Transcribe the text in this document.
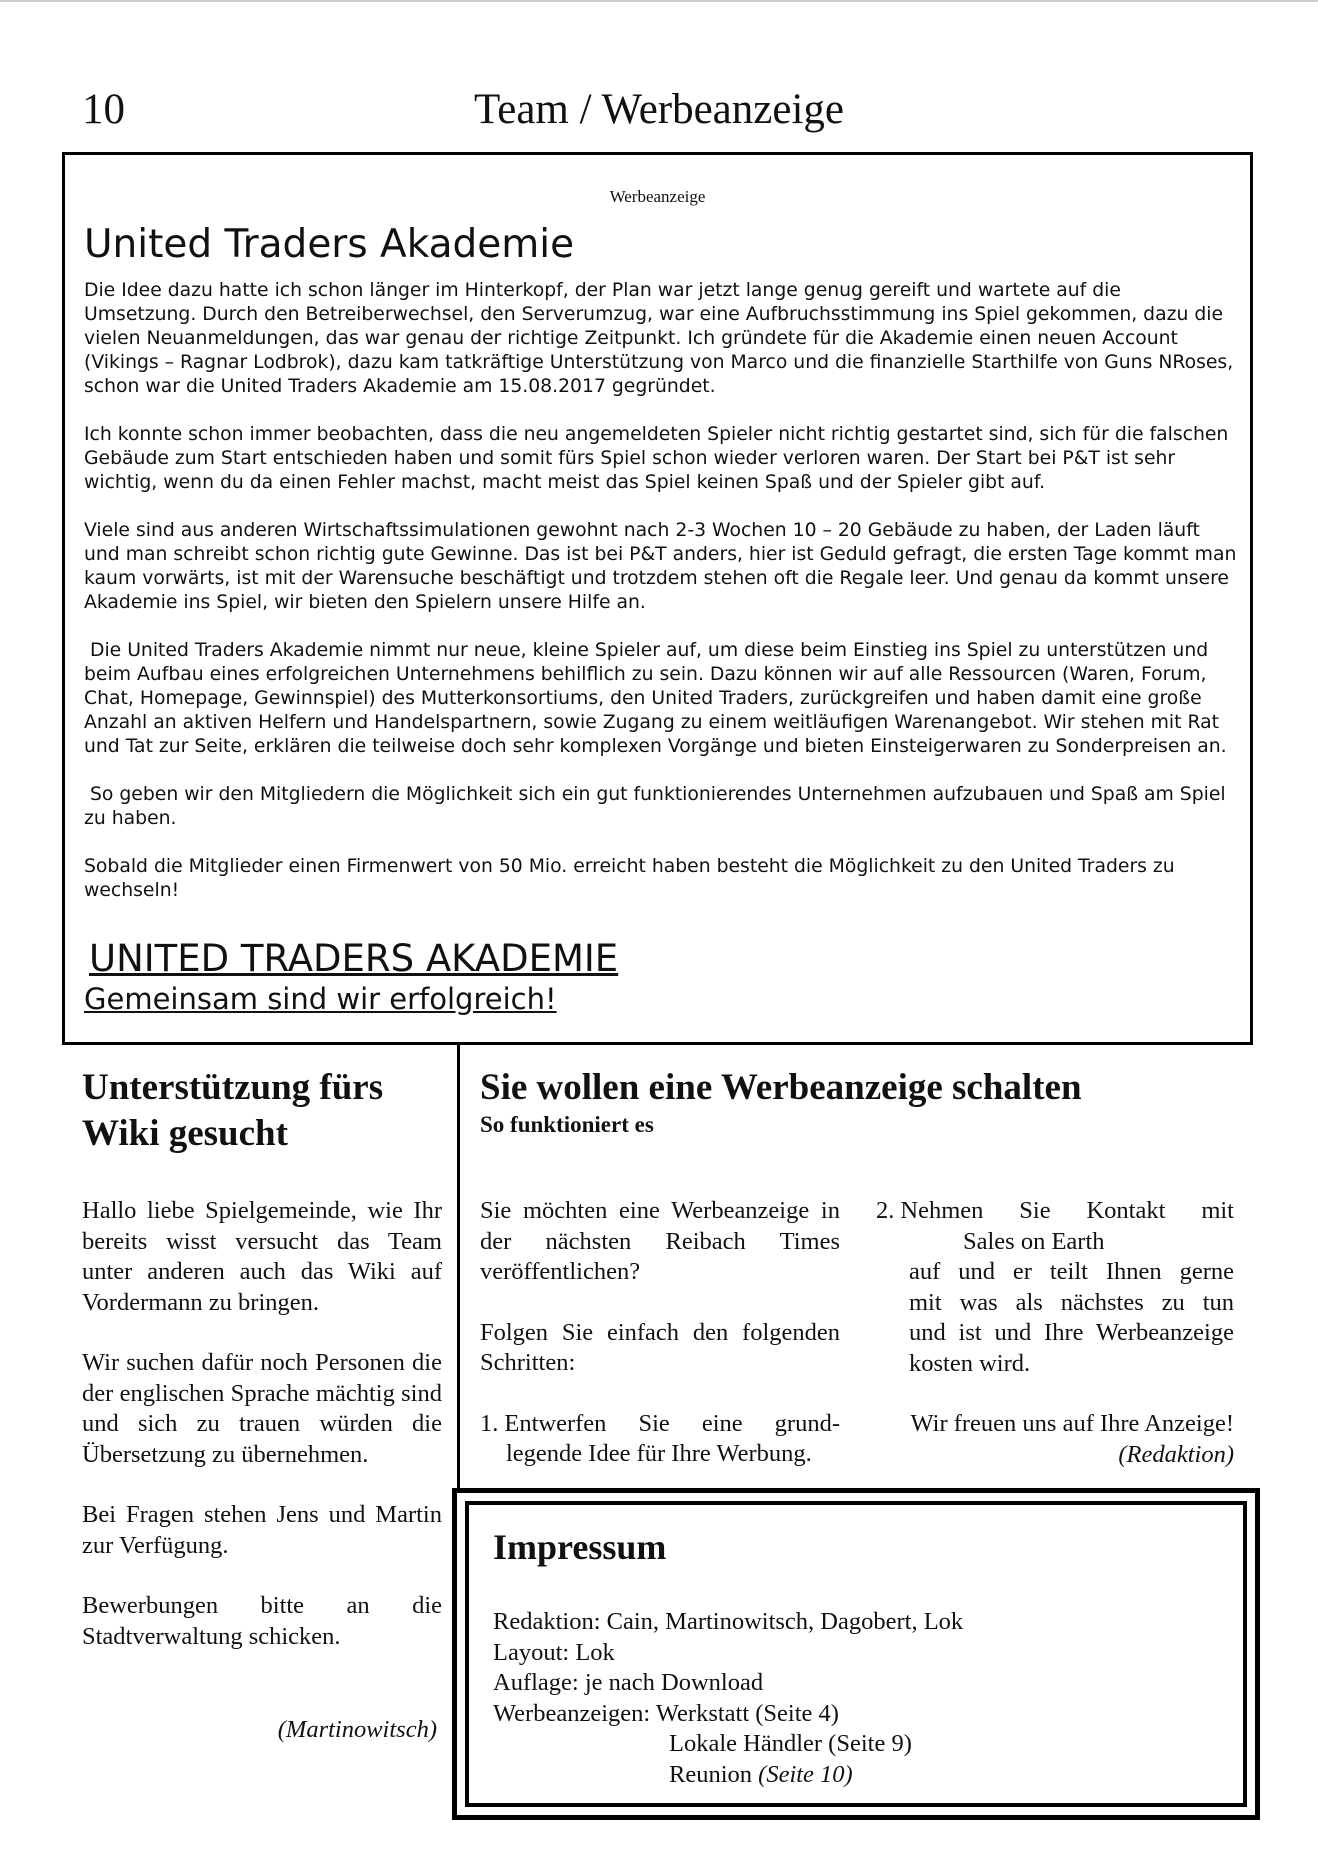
10	Team / Werbeanzeige
Werbeanzeige
United Traders Akademie

Die Idee dazu hatte ich schon länger im Hinterkopf, der Plan war jetzt lange genug gereift und wartete auf die Umsetzung. Durch den Betreiberwechsel, den Serverumzug, war eine Aufbruchsstimmung ins Spiel gekommen, dazu die vielen Neuanmeldungen, das war genau der richtige Zeitpunkt. Ich gründete für die Akademie einen neuen Account (Vikings – Ragnar Lodbrok), dazu kam tatkräftige Unterstützung von Marco und die finanzielle Starthilfe von Guns NRoses, schon war die United Traders Akademie am 15.08.2017 gegründet.

Ich konnte schon immer beobachten, dass die neu angemeldeten Spieler nicht richtig gestartet sind, sich für die falschen Gebäude zum Start entschieden haben und somit fürs Spiel schon wieder verloren waren. Der Start bei P&T ist sehr wichtig, wenn du da einen Fehler machst, macht meist das Spiel keinen Spaß und der Spieler gibt auf.

Viele sind aus anderen Wirtschaftssimulationen gewohnt nach 2-3 Wochen 10 – 20 Gebäude zu haben, der Laden läuft und man schreibt schon richtig gute Gewinne. Das ist bei P&T anders, hier ist Geduld gefragt, die ersten Tage kommt man kaum vorwärts, ist mit der Warensuche beschäftigt und trotzdem stehen oft die Regale leer. Und genau da kommt unsere Akademie ins Spiel, wir bieten den Spielern unsere Hilfe an.

Die United Traders Akademie nimmt nur neue, kleine Spieler auf, um diese beim Einstieg ins Spiel zu unterstützen und beim Aufbau eines erfolgreichen Unternehmens behilflich zu sein. Dazu können wir auf alle Ressourcen (Waren, Forum, Chat, Homepage, Gewinnspiel) des Mutterkonsortiums, den United Traders, zurückgreifen und haben damit eine große Anzahl an aktiven Helfern und Handelspartnern, sowie Zugang zu einem weitläufigen Warenangebot. Wir stehen mit Rat und Tat zur Seite, erklären die teilweise doch sehr komplexen Vorgänge und bieten Einsteigerwaren zu Sonderpreisen an.

So geben wir den Mitgliedern die Möglichkeit sich ein gut funktionierendes Unternehmen aufzubauen und Spaß am Spiel zu haben.

Sobald die Mitglieder einen Firmenwert von 50 Mio. erreicht haben besteht die Möglichkeit zu den United Traders zu wechseln!

UNITED TRADERS AKADEMIE
Gemeinsam sind wir erfolgreich!
Unterstützung fürs
Wiki gesucht

Hallo liebe Spielgemeinde, wie Ihr bereits wisst versucht das Team unter anderen auch das Wiki auf Vordermann zu bringen.

Wir suchen dafür noch Personen die der englischen Sprache mächtig sind und sich zu trauen würden die Übersetzung zu übernehmen.

Bei Fragen stehen Jens und Martin zur Verfügung.

Bewerbungen bitte an die Stadtverwaltung schicken.

(Martinowitsch)
Sie wollen eine Werbeanzeige schalten
So funktioniert es

Sie möchten eine Werbeanzeige in der nächsten Reibach Times veröffentlichen?

Folgen Sie einfach den folgenden Schritten:

1. Entwerfen Sie eine grund-
legende Idee für Ihre Werbung.
2. Nehmen Sie Kontakt mit
Sales on Earth
auf und er teilt Ihnen gerne
mit was als nächstes zu tun
und ist und Ihre Werbeanzeige
kosten wird.
Wir freuen uns auf Ihre Anzeige!
(Redaktion)
Impressum
Redaktion: Cain, Martinowitsch, Dagobert, Lok
Layout: Lok
Auflage: je nach Download
Werbeanzeigen: Werkstatt (Seite 4)
Lokale Händler (Seite 9)
Reunion (Seite 10)
